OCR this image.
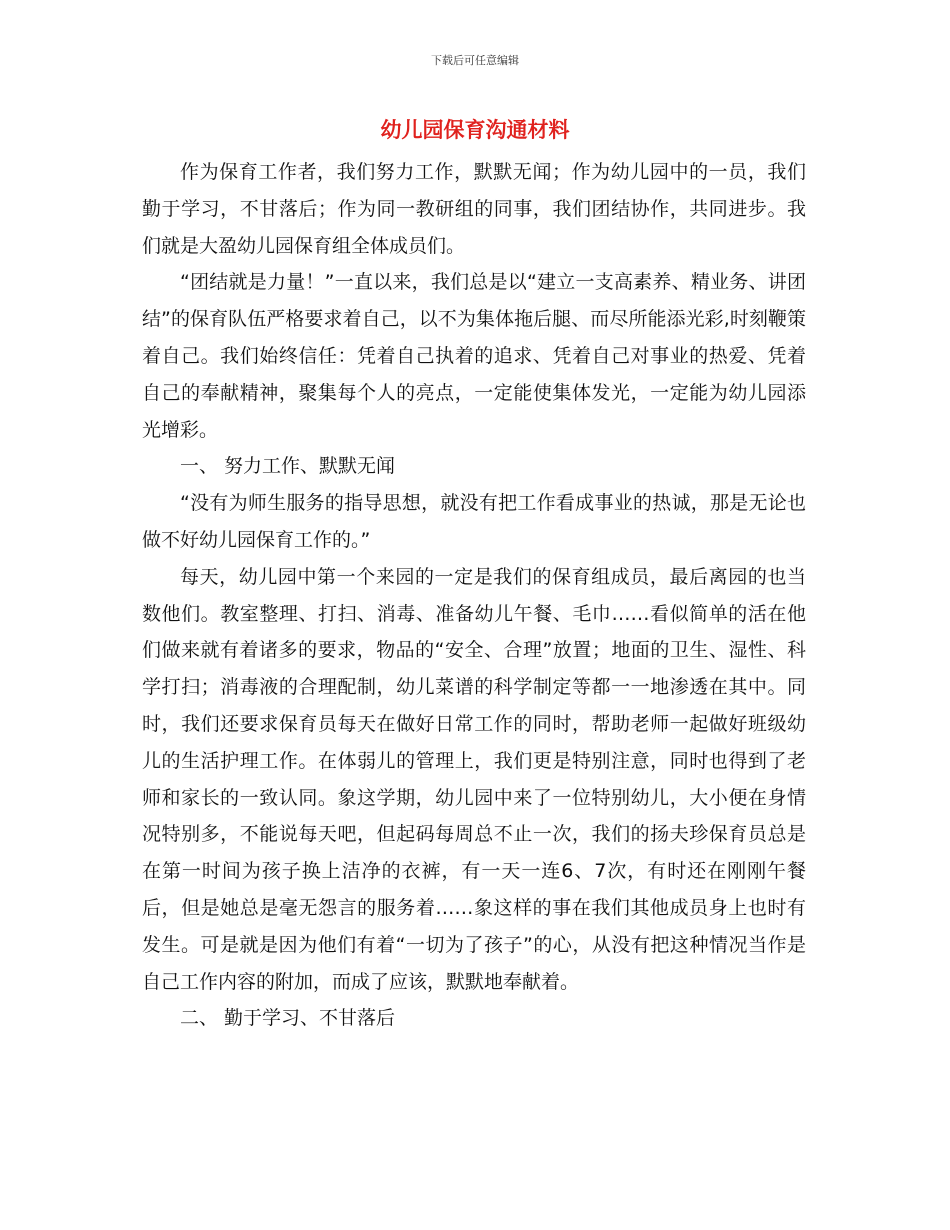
下载后可任意编辑
幼儿园保育沟通材料

作为保育工作者，我们努力工作，默默无闻；作为幼儿园中的一员，我们勤于学习，不甘落后；作为同一教研组的同事，我们团结协作，共同进步。我们就是大盈幼儿园保育组全体成员们。

“团结就是力量！”一直以来，我们总是以“建立一支高素养、精业务、讲团结”的保育队伍严格要求着自己，以不为集体拖后腿、而尽所能添光彩,时刻鞭策着自己。我们始终信任：凭着自己执着的追求、凭着自己对事业的热爱、凭着自己的奉献精神，聚集每个人的亮点，一定能使集体发光，一定能为幼儿园添光增彩。

一、 努力工作、默默无闻

“没有为师生服务的指导思想，就没有把工作看成事业的热诚，那是无论也做不好幼儿园保育工作的。”

每天，幼儿园中第一个来园的一定是我们的保育组成员，最后离园的也当数他们。教室整理、打扫、消毒、准备幼儿午餐、毛巾……看似简单的活在他们做来就有着诸多的要求，物品的“安全、合理”放置；地面的卫生、湿性、科学打扫；消毒液的合理配制，幼儿菜谱的科学制定等都一一地渗透在其中。同时，我们还要求保育员每天在做好日常工作的同时，帮助老师一起做好班级幼儿的生活护理工作。在体弱儿的管理上，我们更是特别注意，同时也得到了老师和家长的一致认同。象这学期，幼儿园中来了一位特别幼儿，大小便在身情况特别多，不能说每天吧，但起码每周总不止一次，我们的扬夫珍保育员总是在第一时间为孩子换上洁净的衣裤，有一天一连6、7次，有时还在刚刚午餐后，但是她总是毫无怨言的服务着……象这样的事在我们其他成员身上也时有发生。可是就是因为他们有着“一切为了孩子”的心，从没有把这种情况当作是自己工作内容的附加，而成了应该，默默地奉献着。

二、 勤于学习、不甘落后
